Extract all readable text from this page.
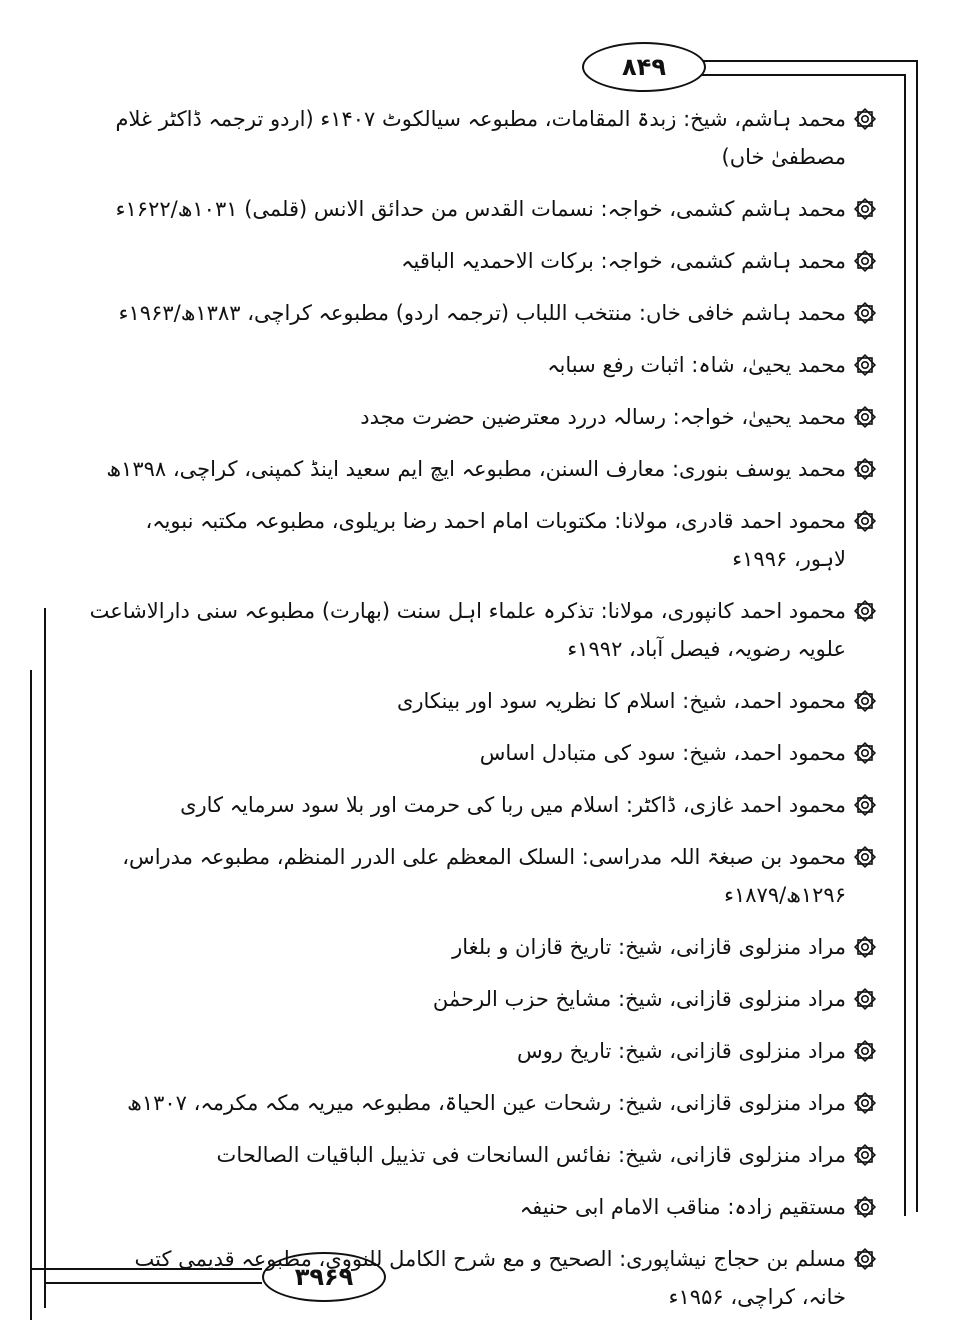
۸۴۹
۳۹۶۹
محمد ہاشم، شیخ: زبدۃ المقامات، مطبوعہ سیالکوٹ ۱۴۰۷ء (اردو ترجمہ ڈاکٹر غلام مصطفیٰ خاں)
محمد ہاشم کشمی، خواجہ: نسمات القدس من حدائق الانس (قلمی) ۱۰۳۱ھ/۱۶۲۲ء
محمد ہاشم کشمی، خواجہ: برکات الاحمدیہ الباقیہ
محمد ہاشم خافی خاں: منتخب اللباب (ترجمہ اردو) مطبوعہ کراچی، ۱۳۸۳ھ/۱۹۶۳ء
محمد یحییٰ، شاہ: اثبات رفع سبابہ
محمد یحییٰ، خواجہ: رسالہ دررد معترضین حضرت مجدد
محمد یوسف بنوری: معارف السنن، مطبوعہ ایچ ایم سعید اینڈ کمپنی، کراچی، ۱۳۹۸ھ
محمود احمد قادری، مولانا: مکتوبات امام احمد رضا بریلوی، مطبوعہ مکتبہ نبویہ، لاہور، ۱۹۹۶ء
محمود احمد کانپوری، مولانا: تذکرہ علماء اہل سنت (بھارت) مطبوعہ سنی دارالاشاعت علویہ رضویہ، فیصل آباد، ۱۹۹۲ء
محمود احمد، شیخ: اسلام کا نظریہ سود اور بینکاری
محمود احمد، شیخ: سود کی متبادل اساس
محمود احمد غازی، ڈاکٹر: اسلام میں ربا کی حرمت اور بلا سود سرمایہ کاری
محمود بن صبغۃ اللہ مدراسی: السلک المعظم علی الدرر المنظم، مطبوعہ مدراس، ۱۲۹۶ھ/۱۸۷۹ء
مراد منزلوی قازانی، شیخ: تاریخ قازان و بلغار
مراد منزلوی قازانی، شیخ: مشایخ حزب الرحمٰن
مراد منزلوی قازانی، شیخ: تاریخ روس
مراد منزلوی قازانی، شیخ: رشحات عین الحیاۃ، مطبوعہ میریہ مکہ مکرمہ، ۱۳۰۷ھ
مراد منزلوی قازانی، شیخ: نفائس السانحات فی تذییل الباقیات الصالحات
مستقیم زادہ: مناقب الامام ابی حنیفہ
مسلم بن حجاج نیشاپوری: الصحیح و مع شرح الکامل للنووی، مطبوعہ قدیمی کتب خانہ، کراچی، ۱۹۵۶ء
